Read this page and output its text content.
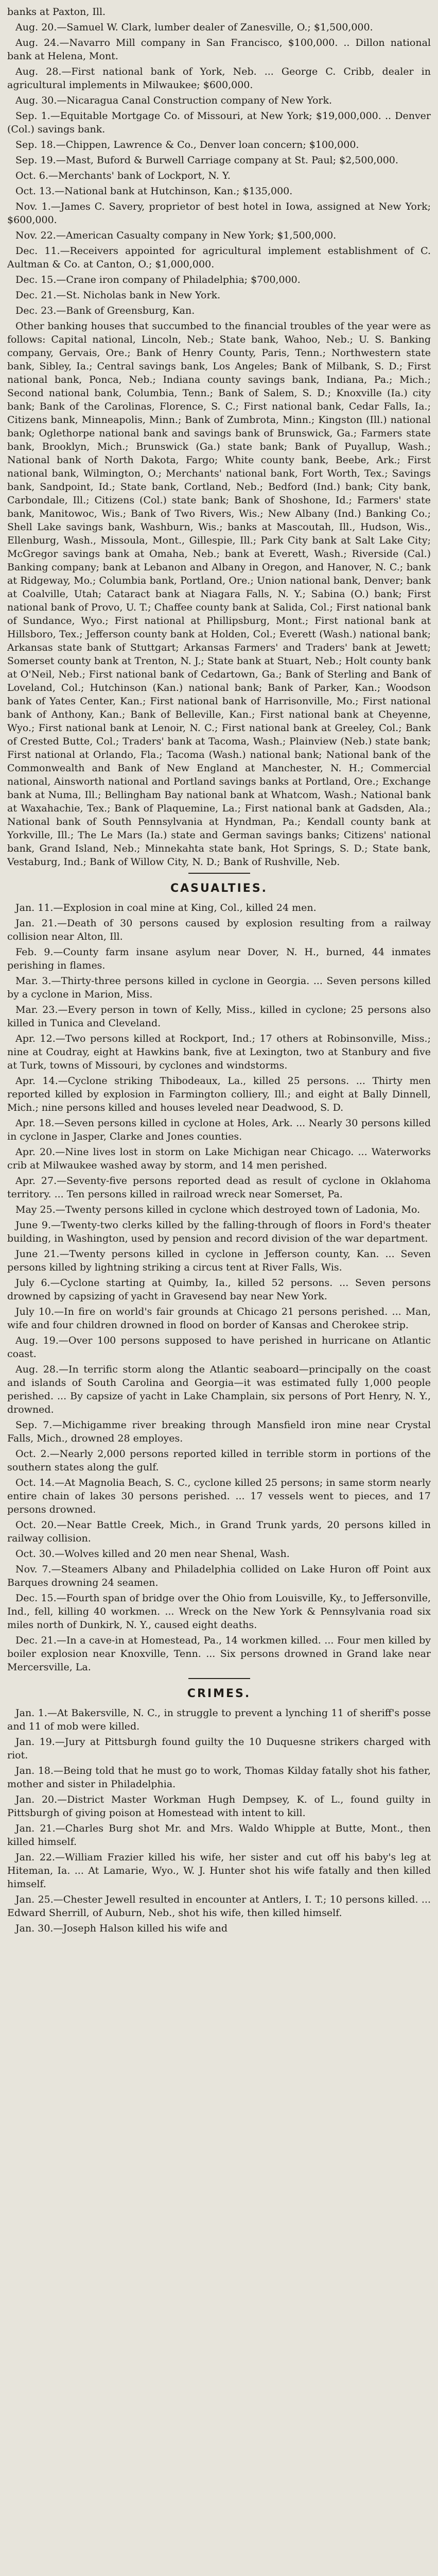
banks at Paxton, Ill.

Aug. 20.—Samuel W. Clark, lumber dealer of Zanesville, O.; $1,500,000.

Aug. 24.—Navarro Mill company in San Francisco, $100,000. .. Dillon national bank at Helena, Mont.

Aug. 28.—First national bank of York, Neb. ... George C. Cribb, dealer in agricultural implements in Milwaukee; $600,000.

Aug. 30.—Nicaragua Canal Construction company of New York.

Sep. 1.—Equitable Mortgage Co. of Missouri, at New York; $19,000,000. .. Denver (Col.) savings bank.

Sep. 18.—Chippen, Lawrence & Co., Denver loan concern; $100,000.

Sep. 19.—Mast, Buford & Burwell Carriage company at St. Paul; $2,500,000.

Oct. 6.—Merchants' bank of Lockport, N. Y.

Oct. 13.—National bank at Hutchinson, Kan.; $135,000.

Nov. 1.—James C. Savery, proprietor of best hotel in Iowa, assigned at New York; $600,000.

Nov. 22.—American Casualty company in New York; $1,500,000.

Dec. 11.—Receivers appointed for agricultural implement establishment of C. Aultman & Co. at Canton, O.; $1,000,000.

Dec. 15.—Crane iron company of Philadelphia; $700,000.

Dec. 21.—St. Nicholas bank in New York.

Dec. 23.—Bank of Greensburg, Kan.

Other banking houses that succumbed to the financial troubles of the year were as follows: Capital national, Lincoln, Neb.; State bank, Wahoo, Neb.; U. S. Banking company, Gervais, Ore.; Bank of Henry County, Paris, Tenn.; Northwestern state bank, Sibley, Ia.; Central savings bank, Los Angeles; Bank of Milbank, S. D.; First national bank, Ponca, Neb.; Indiana county savings bank, Indiana, Pa.; Mich.; Second national bank, Columbia, Tenn.; Bank of Salem, S. D.; Knoxville (Ia.) city bank; Bank of the Carolinas, Florence, S. C.; First national bank, Cedar Falls, Ia.; Citizens bank, Minneapolis, Minn.; Bank of Zumbrota, Minn.; Kingston (Ill.) national bank; Oglethorpe national bank and savings bank of Brunswick, Ga.; Farmers state bank, Brooklyn, Mich.; Brunswick (Ga.) state bank; Bank of Puyallup, Wash.; National bank of North Dakota, Fargo; White county bank, Beebe, Ark.; First national bank, Wilmington, O.; Merchants' national bank, Fort Worth, Tex.; Savings bank, Sandpoint, Id.; State bank, Cortland, Neb.; Bedford (Ind.) bank; City bank, Carbondale, Ill.; Citizens (Col.) state bank; Bank of Shoshone, Id.; Farmers' state bank, Manitowoc, Wis.; Bank of Two Rivers, Wis.; New Albany (Ind.) Banking Co.; Shell Lake savings bank, Washburn, Wis.; banks at Mascoutah, Ill., Hudson, Wis., Ellenburg, Wash., Missoula, Mont., Gillespie, Ill.; Park City bank at Salt Lake City; McGregor savings bank at Omaha, Neb.; bank at Everett, Wash.; Riverside (Cal.) Banking company; bank at Lebanon and Albany in Oregon, and Hanover, N. C.; bank at Ridgeway, Mo.; Columbia bank, Portland, Ore.; Union national bank, Denver; bank at Coalville, Utah; Cataract bank at Niagara Falls, N. Y.; Sabina (O.) bank; First national bank of Provo, U. T.; Chaffee county bank at Salida, Col.; First national bank of Sundance, Wyo.; First national at Phillipsburg, Mont.; First national bank at Hillsboro, Tex.; Jefferson county bank at Holden, Col.; Everett (Wash.) national bank; Arkansas state bank of Stuttgart; Arkansas Farmers' and Traders' bank at Jewett; Somerset county bank at Trenton, N. J.; State bank at Stuart, Neb.; Holt county bank at O'Neil, Neb.; First national bank of Cedartown, Ga.; Bank of Sterling and Bank of Loveland, Col.; Hutchinson (Kan.) national bank; Bank of Parker, Kan.; Woodson bank of Yates Center, Kan.; First national bank of Harrisonville, Mo.; First national bank of Anthony, Kan.; Bank of Belleville, Kan.; First national bank at Cheyenne, Wyo.; First national bank at Lenoir, N. C.; First national bank at Greeley, Col.; Bank of Crested Butte, Col.; Traders' bank at Tacoma, Wash.; Plainview (Neb.) state bank; First national at Orlando, Fla.; Tacoma (Wash.) national bank; National bank of the Commonwealth and Bank of New England at Manchester, N. H.; Commercial national, Ainsworth national and Portland savings banks at Portland, Ore.; Exchange bank at Numa, Ill.; Bellingham Bay national bank at Whatcom, Wash.; National bank at Waxahachie, Tex.; Bank of Plaquemine, La.; First national bank at Gadsden, Ala.; National bank of South Pennsylvania at Hyndman, Pa.; Kendall county bank at Yorkville, Ill.; The Le Mars (Ia.) state and German savings banks; Citizens' national bank, Grand Island, Neb.; Minnekahta state bank, Hot Springs, S. D.; State bank, Vestaburg, Ind.; Bank of Willow City, N. D.; Bank of Rushville, Neb.

CASUALTIES.

Jan. 11.—Explosion in coal mine at King, Col., killed 24 men.

Jan. 21.—Death of 30 persons caused by explosion resulting from a railway collision near Alton, Ill.

Feb. 9.—County farm insane asylum near Dover, N. H., burned, 44 inmates perishing in flames.

Mar. 3.—Thirty-three persons killed in cyclone in Georgia. ... Seven persons killed by a cyclone in Marion, Miss.

Mar. 23.—Every person in town of Kelly, Miss., killed in cyclone; 25 persons also killed in Tunica and Cleveland.

Apr. 12.—Two persons killed at Rockport, Ind.; 17 others at Robinsonville, Miss.; nine at Coudray, eight at Hawkins bank, five at Lexington, two at Stanbury and five at Turk, towns of Missouri, by cyclones and windstorms.

Apr. 14.—Cyclone striking Thibodeaux, La., killed 25 persons. ... Thirty men reported killed by explosion in Farmington colliery, Ill.; and eight at Bally Dinnell, Mich.; nine persons killed and houses leveled near Deadwood, S. D.

Apr. 18.—Seven persons killed in cyclone at Holes, Ark. ... Nearly 30 persons killed in cyclone in Jasper, Clarke and Jones counties.

Apr. 20.—Nine lives lost in storm on Lake Michigan near Chicago. ... Waterworks crib at Milwaukee washed away by storm, and 14 men perished.

Apr. 27.—Seventy-five persons reported dead as result of cyclone in Oklahoma territory. ... Ten persons killed in railroad wreck near Somerset, Pa.

May 25.—Twenty persons killed in cyclone which destroyed town of Ladonia, Mo.

June 9.—Twenty-two clerks killed by the falling-through of floors in Ford's theater building, in Washington, used by pension and record division of the war department.

June 21.—Twenty persons killed in cyclone in Jefferson county, Kan. ... Seven persons killed by lightning striking a circus tent at River Falls, Wis.

July 6.—Cyclone starting at Quimby, Ia., killed 52 persons. ... Seven persons drowned by capsizing of yacht in Gravesend bay near New York.

July 10.—In fire on world's fair grounds at Chicago 21 persons perished. ... Man, wife and four children drowned in flood on border of Kansas and Cherokee strip.

Aug. 19.—Over 100 persons supposed to have perished in hurricane on Atlantic coast.

Aug. 28.—In terrific storm along the Atlantic seaboard—principally on the coast and islands of South Carolina and Georgia—it was estimated fully 1,000 people perished. ... By capsize of yacht in Lake Champlain, six persons of Port Henry, N. Y., drowned.

Sep. 7.—Michigamme river breaking through Mansfield iron mine near Crystal Falls, Mich., drowned 28 employes.

Oct. 2.—Nearly 2,000 persons reported killed in terrible storm in portions of the southern states along the gulf.

Oct. 14.—At Magnolia Beach, S. C., cyclone killed 25 persons; in same storm nearly entire chain of lakes 30 persons perished. ... 17 vessels went to pieces, and 17 persons drowned.

Oct. 20.—Near Battle Creek, Mich., in Grand Trunk yards, 20 persons killed in railway collision.

Oct. 30.—Wolves killed and 20 men near Shenal, Wash.

Nov. 7.—Steamers Albany and Philadelphia collided on Lake Huron off Point aux Barques drowning 24 seamen.

Dec. 15.—Fourth span of bridge over the Ohio from Louisville, Ky., to Jeffersonville, Ind., fell, killing 40 workmen. ... Wreck on the New York & Pennsylvania road six miles north of Dunkirk, N. Y., caused eight deaths.

Dec. 21.—In a cave-in at Homestead, Pa., 14 workmen killed. ... Four men killed by boiler explosion near Knoxville, Tenn. ... Six persons drowned in Grand lake near Mercersville, La.

CRIMES.

Jan. 1.—At Bakersville, N. C., in struggle to prevent a lynching 11 of sheriff's posse and 11 of mob were killed.

Jan. 19.—Jury at Pittsburgh found guilty the 10 Duquesne strikers charged with riot.

Jan. 18.—Being told that he must go to work, Thomas Kilday fatally shot his father, mother and sister in Philadelphia.

Jan. 20.—District Master Workman Hugh Dempsey, K. of L., found guilty in Pittsburgh of giving poison at Homestead with intent to kill.

Jan. 21.—Charles Burg shot Mr. and Mrs. Waldo Whipple at Butte, Mont., then killed himself.

Jan. 22.—William Frazier killed his wife, her sister and cut off his baby's leg at Hiteman, Ia. ... At Lamarie, Wyo., W. J. Hunter shot his wife fatally and then killed himself.

Jan. 25.—Chester Jewell resulted in encounter at Antlers, I. T.; 10 persons killed. ... Edward Sherrill, of Auburn, Neb., shot his wife, then killed himself.

Jan. 30.—Joseph Halson killed his wife and
